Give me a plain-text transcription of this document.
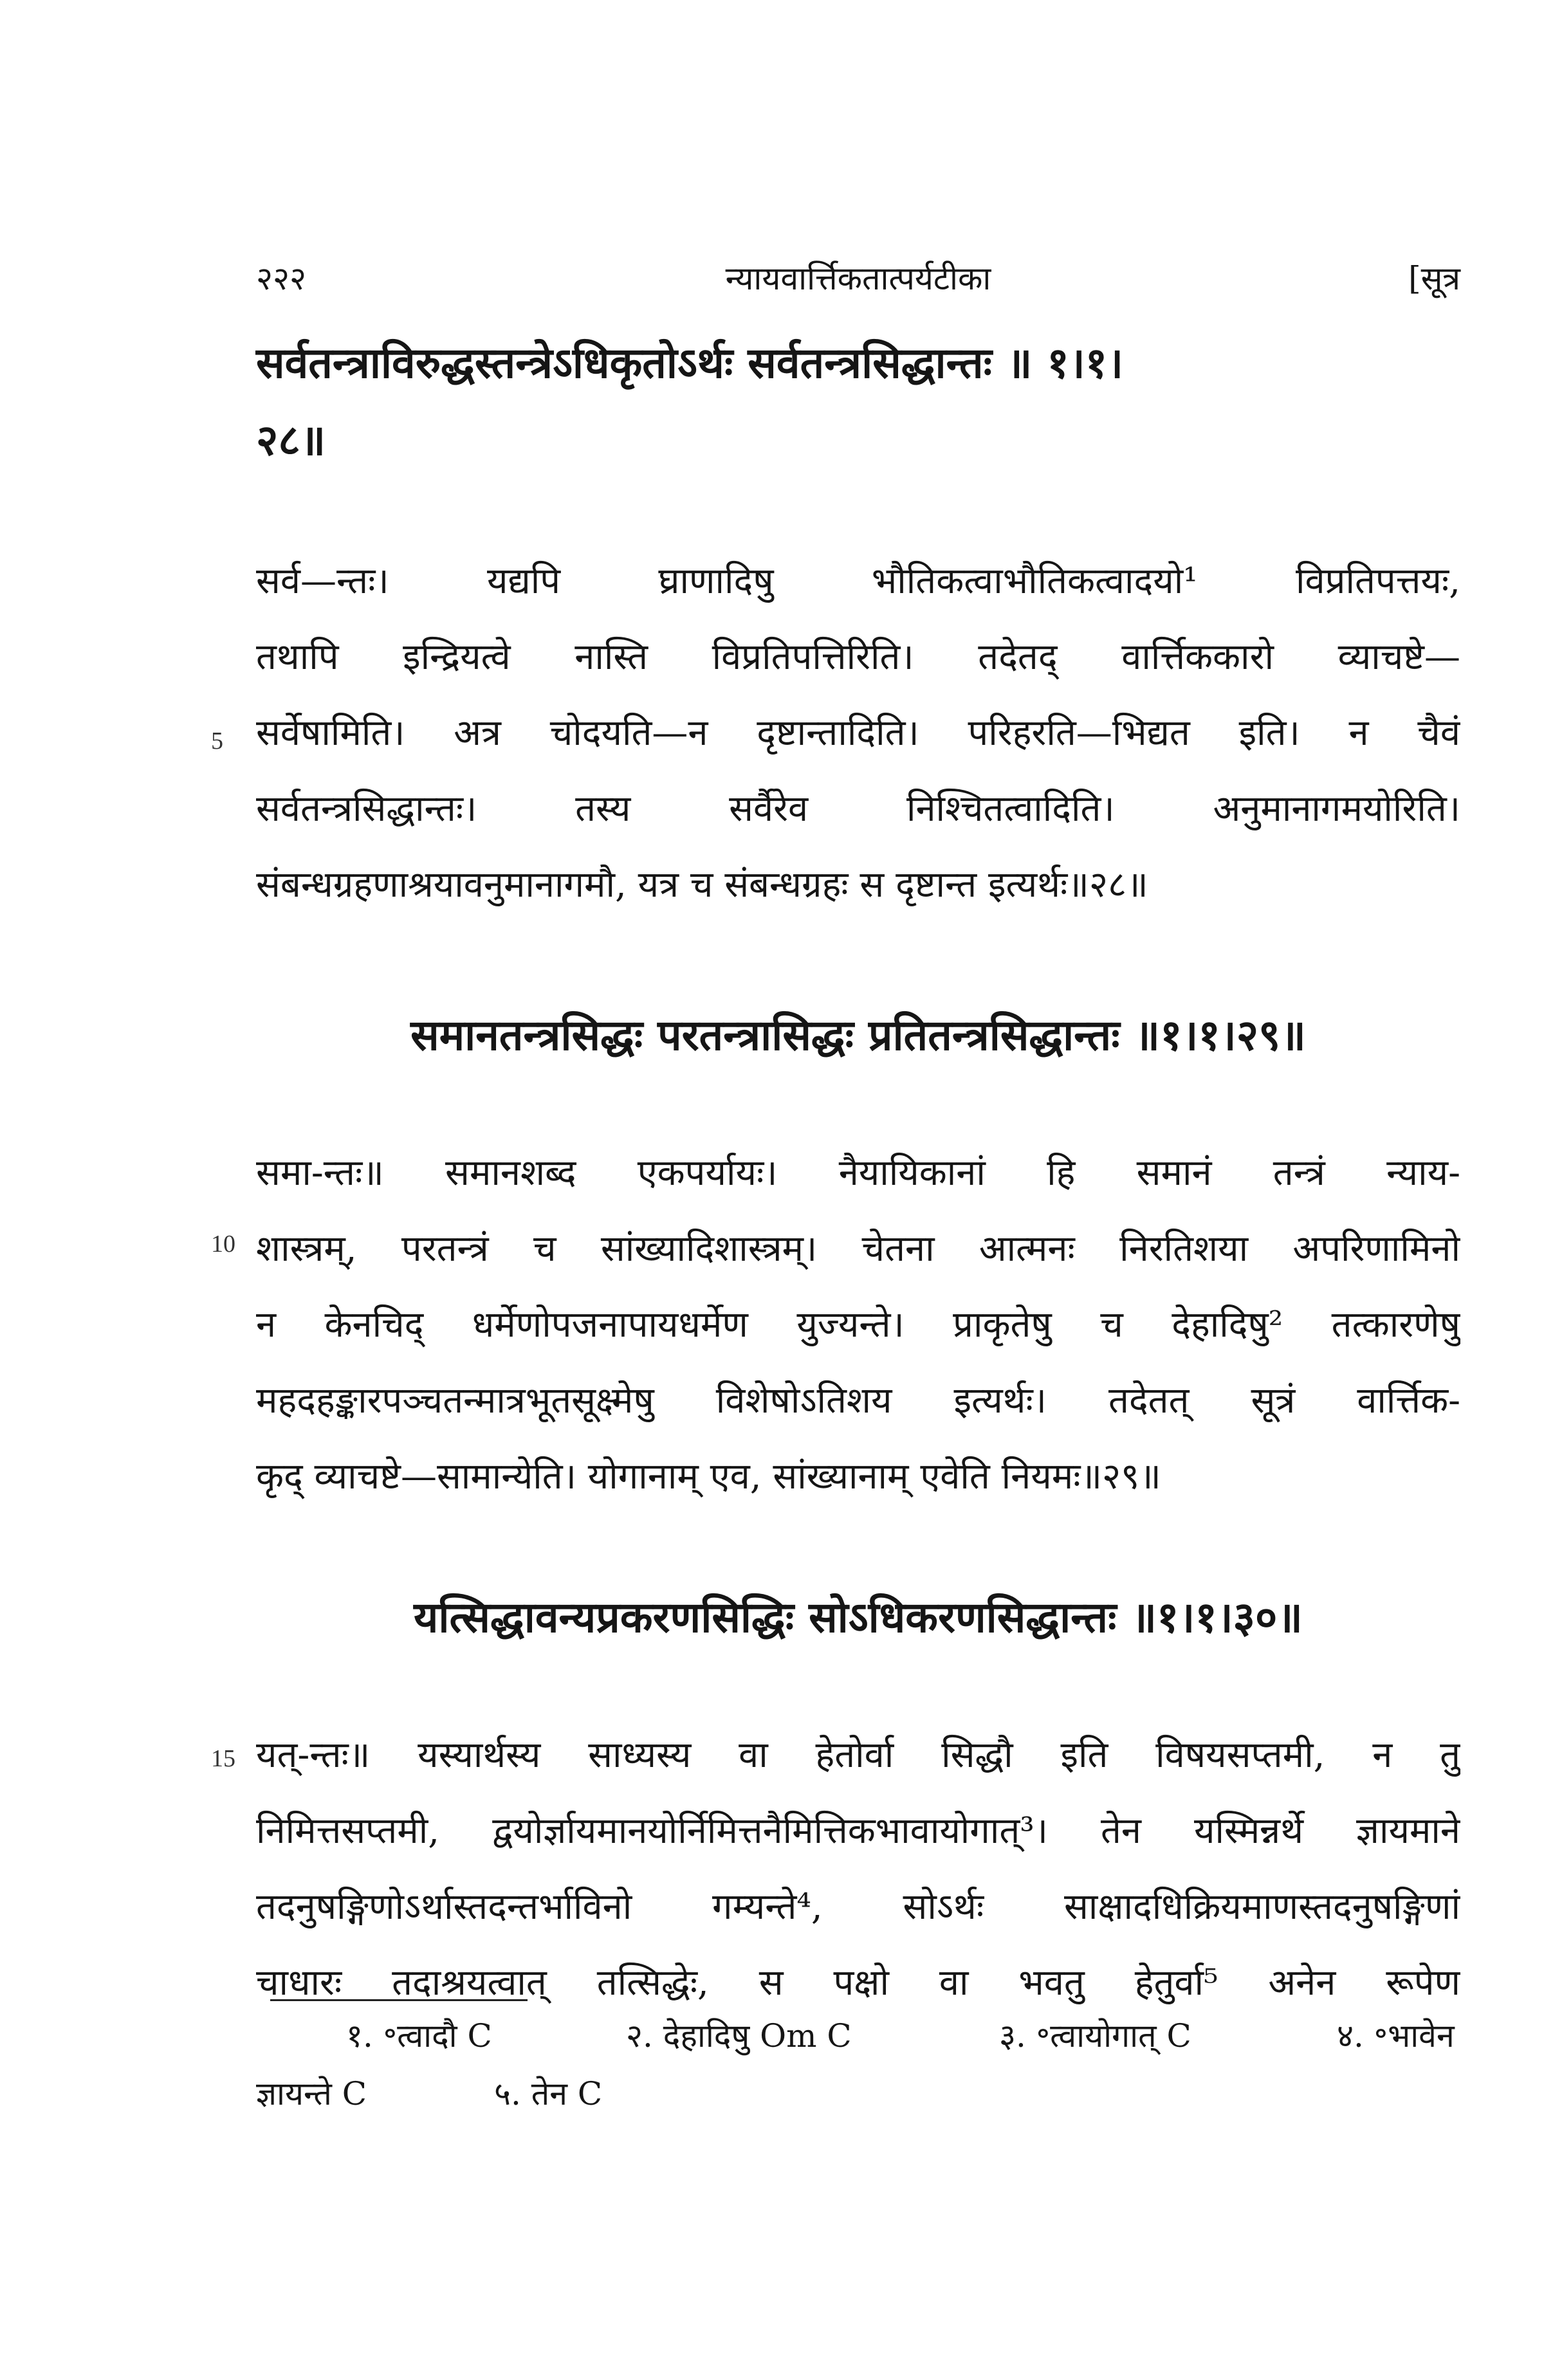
२२२	न्यायवार्त्तिकतात्पर्यटीका	[सूत्र
सर्वतन्त्राविरुद्धस्तन्त्रेऽधिकृतोऽर्थः सर्वतन्त्रसिद्धान्तः ॥ १।१।
२८॥
सर्व—न्तः। यद्यपि घ्राणादिषु भौतिकत्वाभौतिकत्वादयो¹ विप्रतिपत्तयः,
तथापि इन्द्रियत्वे नास्ति विप्रतिपत्तिरिति। तदेतद् वार्त्तिककारो व्याचष्टे—
सर्वेषामिति। अत्र चोदयति—न दृष्टान्तादिति। परिहरति—भिद्यत इति। न चैवं
सर्वतन्त्रसिद्धान्तः। तस्य सर्वैरेव निश्चितत्वादिति। अनुमानागमयोरिति।
संबन्धग्रहणाश्रयावनुमानागमौ, यत्र च संबन्धग्रहः स दृष्टान्त इत्यर्थः॥२८॥
5
समानतन्त्रसिद्धः परतन्त्रासिद्धः प्रतितन्त्रसिद्धान्तः ॥१।१।२९॥
समा-न्तः॥ समानशब्द एकपर्यायः। नैयायिकानां हि समानं तन्त्रं न्याय-
शास्त्रम्, परतन्त्रं च सांख्यादिशास्त्रम्। चेतना आत्मनः निरतिशया अपरिणामिनो
न केनचिद् धर्मेणोपजनापायधर्मेण युज्यन्ते। प्राकृतेषु च देहादिषु² तत्कारणेषु
महदहङ्कारपञ्चतन्मात्रभूतसूक्ष्मेषु विशेषोऽतिशय इत्यर्थः। तदेतत् सूत्रं वार्त्तिक-
कृद् व्याचष्टे—सामान्येति। योगानाम् एव, सांख्यानाम् एवेति नियमः॥२९॥
10
यत्सिद्धावन्यप्रकरणसिद्धिः सोऽधिकरणसिद्धान्तः ॥१।१।३०॥
यत्-न्तः॥ यस्यार्थस्य साध्यस्य वा हेतोर्वा सिद्धौ इति विषयसप्तमी, न तु
निमित्तसप्तमी, द्वयोर्ज्ञायमानयोर्निमित्तनैमित्तिकभावायोगात्³। तेन यस्मिन्नर्थे ज्ञायमाने
तदनुषङ्गिणोऽर्थास्तदन्तर्भाविनो गम्यन्ते⁴, सोऽर्थः साक्षादधिक्रियमाणस्तदनुषङ्गिणां
चाधारः तदाश्रयत्वात् तत्सिद्धेः, स पक्षो वा भवतु हेतुर्वा⁵ अनेन रूपेण
15
१. ॰त्वादौ C	२. देहादिषु Om C	३. ॰त्वायोगात् C	४. ॰भावेन
ज्ञायन्ते C	५. तेन C
